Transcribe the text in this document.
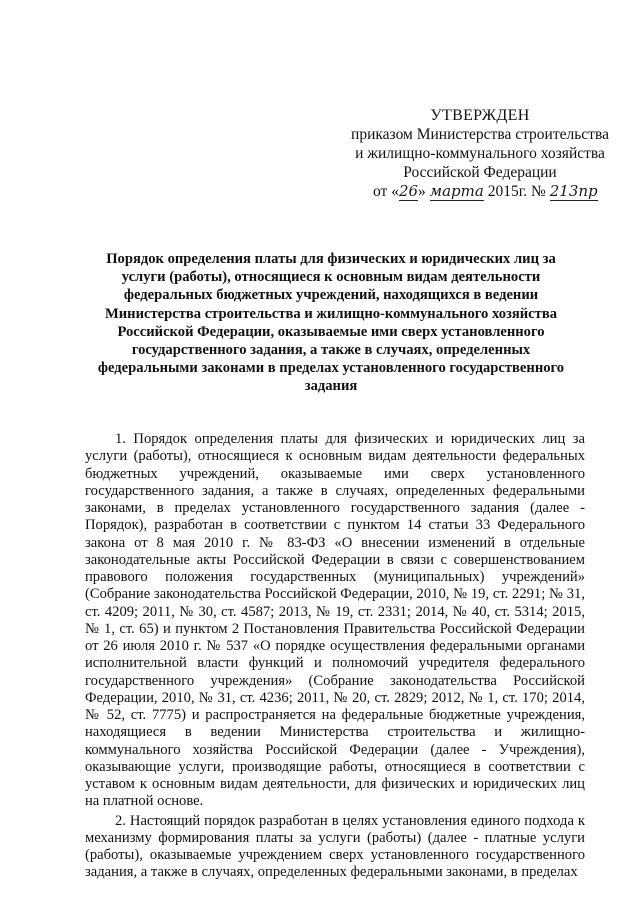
УТВЕРЖДЕН
приказом Министерства строительства
и жилищно-коммунального хозяйства
Российской Федерации
от «26» марта 2015г. № 213пр
Порядок определения платы для физических и юридических лиц за услуги (работы), относящиеся к основным видам деятельности федеральных бюджетных учреждений, находящихся в ведении Министерства строительства и жилищно-коммунального хозяйства Российской Федерации, оказываемые ими сверх установленного государственного задания, а также в случаях, определенных федеральными законами в пределах установленного государственного задания

1. Порядок определения платы для физических и юридических лиц за услуги (работы), относящиеся к основным видам деятельности федеральных бюджетных учреждений, оказываемые ими сверх установленного государственного задания, а также в случаях, определенных федеральными законами, в пределах установленного государственного задания (далее - Порядок), разработан в соответствии с пунктом 14 статьи 33 Федерального закона от 8 мая 2010 г. № 83-ФЗ «О внесении изменений в отдельные законодательные акты Российской Федерации в связи с совершенствованием правового положения государственных (муниципальных) учреждений» (Собрание законодательства Российской Федерации, 2010, № 19, ст. 2291; № 31, ст. 4209; 2011, № 30, ст. 4587; 2013, № 19, ст. 2331; 2014, № 40, ст. 5314; 2015, № 1, ст. 65) и пунктом 2 Постановления Правительства Российской Федерации от 26 июля 2010 г. № 537 «О порядке осуществления федеральными органами исполнительной власти функций и полномочий учредителя федерального государственного учреждения» (Собрание законодательства Российской Федерации, 2010, № 31, ст. 4236; 2011, № 20, ст. 2829; 2012, № 1, ст. 170; 2014, № 52, ст. 7775) и распространяется на федеральные бюджетные учреждения, находящиеся в ведении Министерства строительства и жилищно-коммунального хозяйства Российской Федерации (далее - Учреждения), оказывающие услуги, производящие работы, относящиеся в соответствии с уставом к основным видам деятельности, для физических и юридических лиц на платной основе.

2. Настоящий порядок разработан в целях установления единого подхода к механизму формирования платы за услуги (работы) (далее - платные услуги (работы), оказываемые учреждением сверх установленного государственного задания, а также в случаях, определенных федеральными законами, в пределах
